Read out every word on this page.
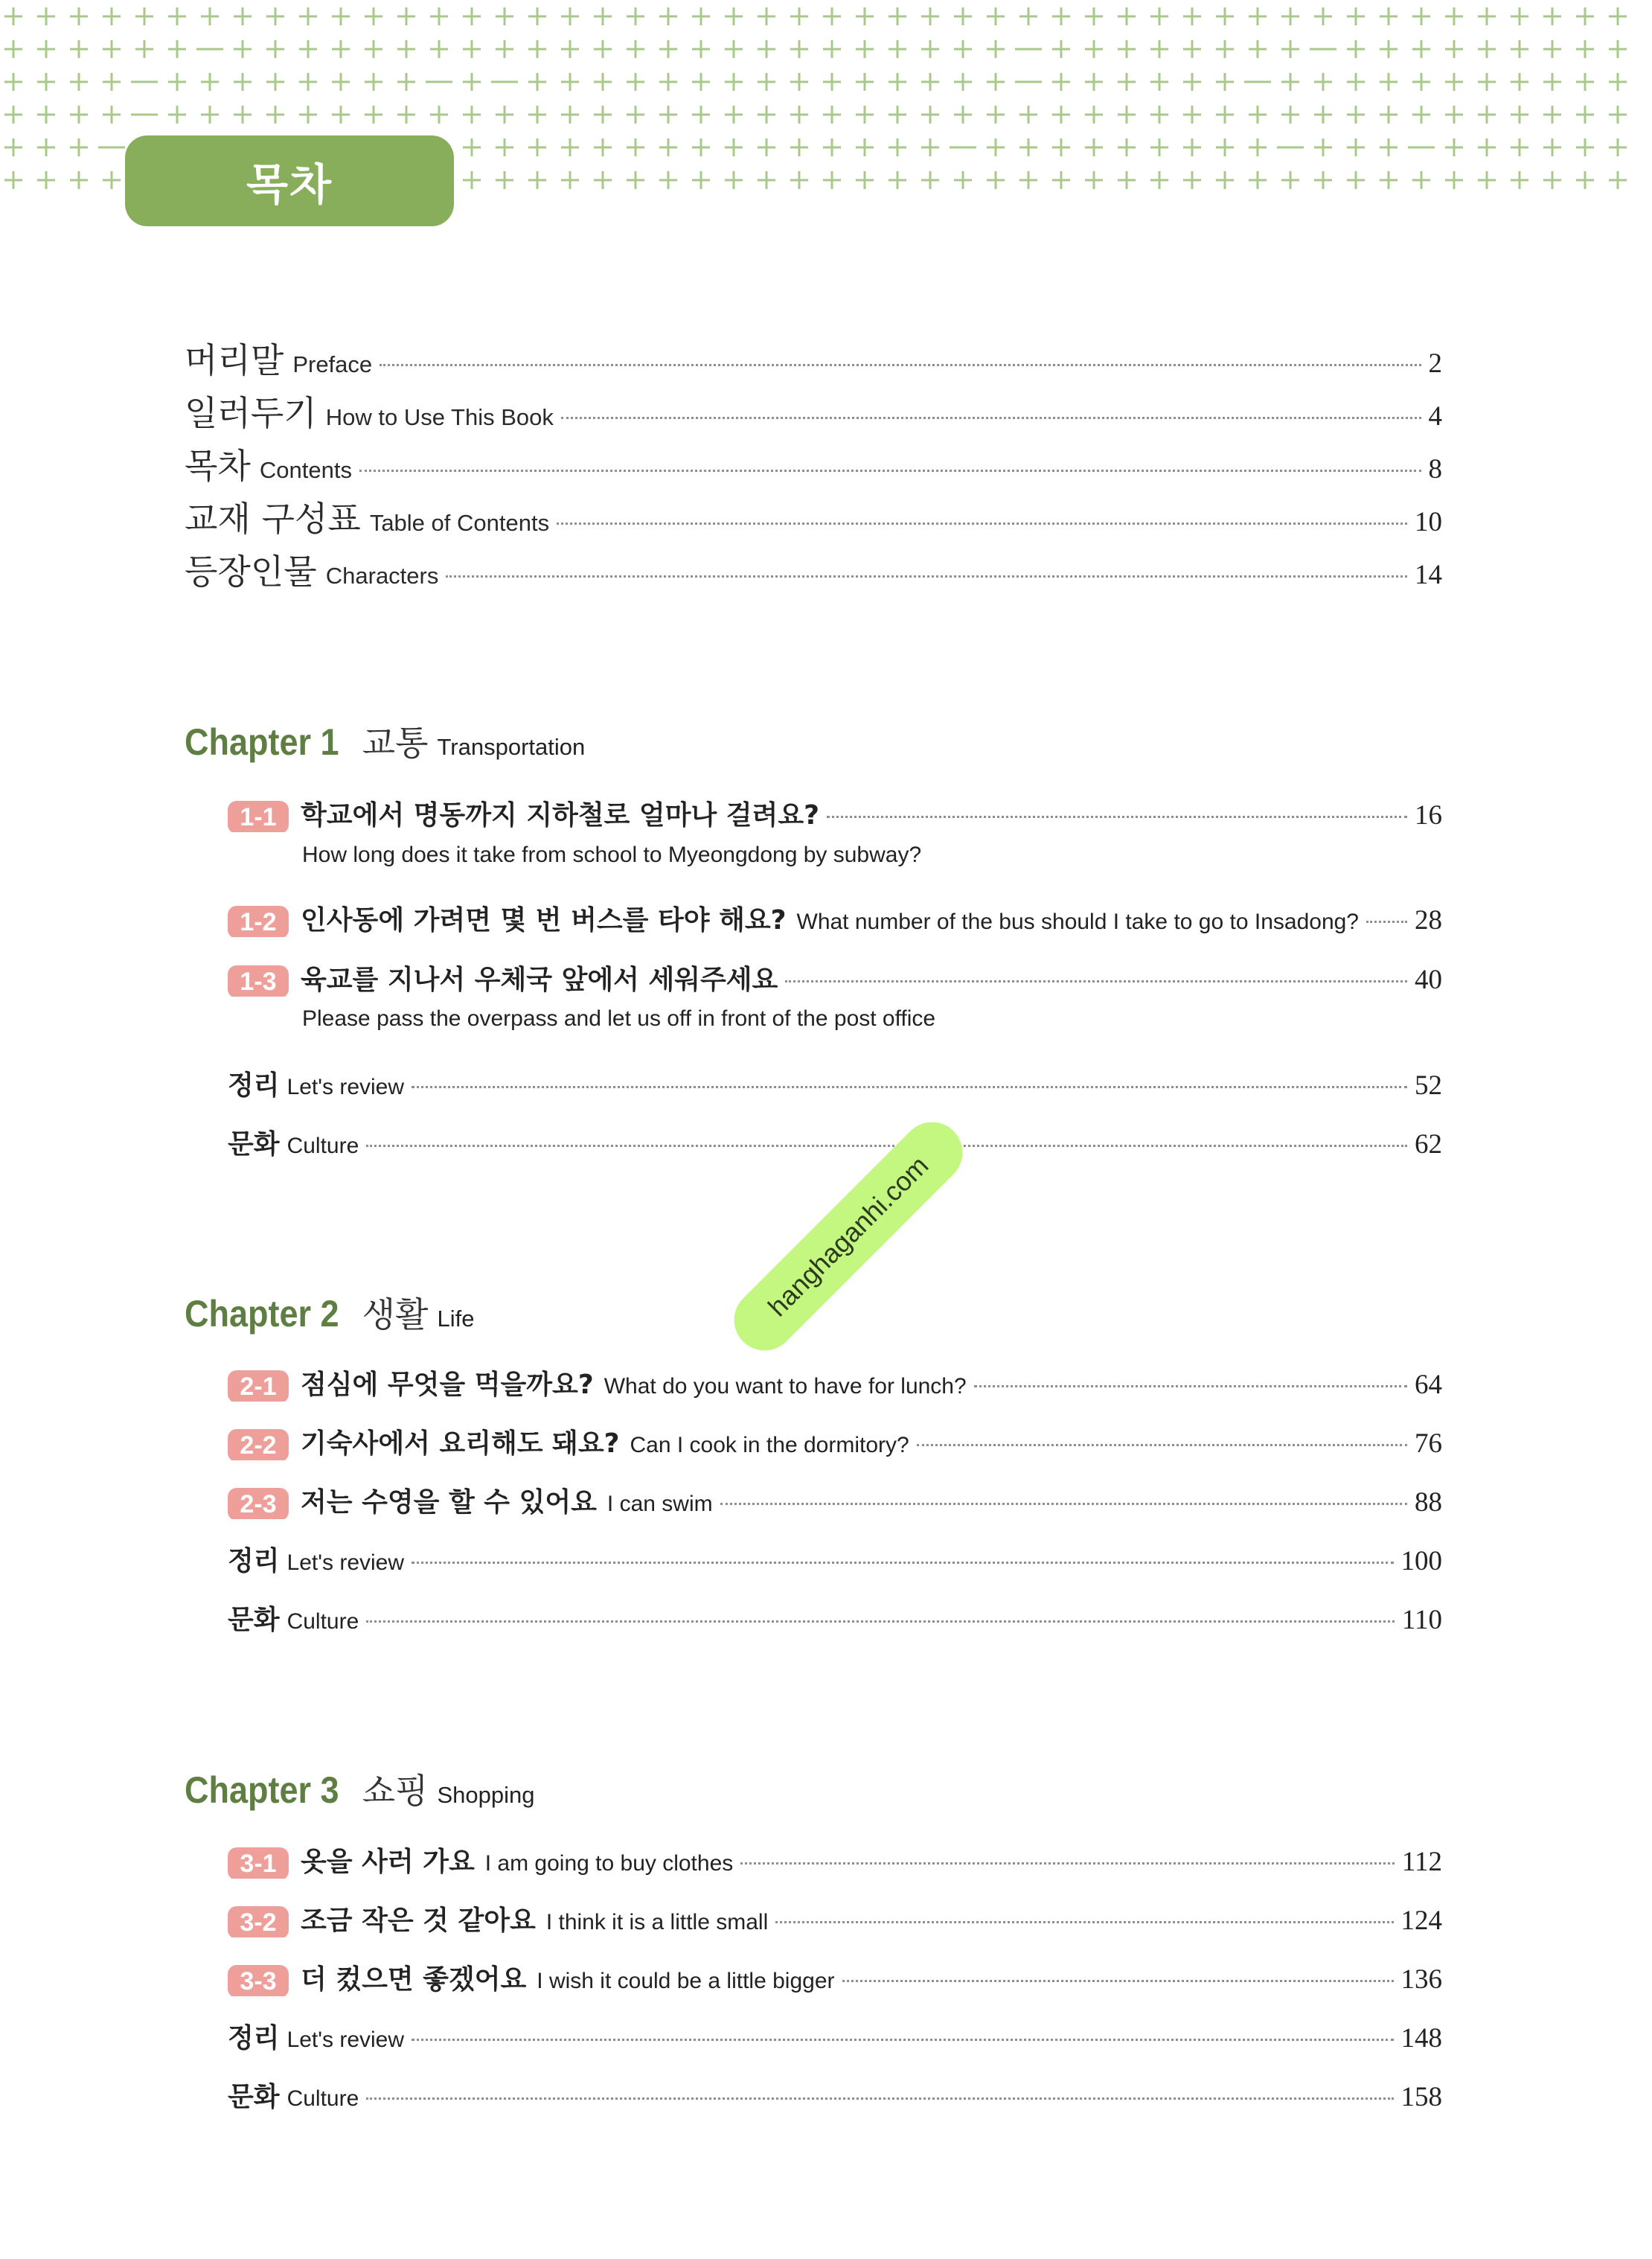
목차
머리말 Preface	2
일러두기 How to Use This Book	4
목차 Contents	8
교재 구성표 Table of Contents	10
등장인물 Characters	14
Chapter 1 교통 Transportation
1-1 학교에서 명동까지 지하철로 얼마나 걸려요?	16
How long does it take from school to Myeongdong by subway?
1-2 인사동에 가려면 몇 번 버스를 타야 해요? What number of the bus should I take to go to Insadong? 28
1-3 육교를 지나서 우체국 앞에서 세워주세요	40
Please pass the overpass and let us off in front of the post office
정리 Let's review	52
문화 Culture	62
Chapter 2 생활 Life
2-1 점심에 무엇을 먹을까요? What do you want to have for lunch?	64
2-2 기숙사에서 요리해도 돼요? Can I cook in the dormitory?	76
2-3 저는 수영을 할 수 있어요 I can swim	88
정리 Let's review	100
문화 Culture	110
Chapter 3 쇼핑 Shopping
3-1 옷을 사러 가요 I am going to buy clothes	112
3-2 조금 작은 것 같아요 I think it is a little small	124
3-3 더 컸으면 좋겠어요 I wish it could be a little bigger	136
정리 Let's review	148
문화 Culture	158
hanghaganhi.com
